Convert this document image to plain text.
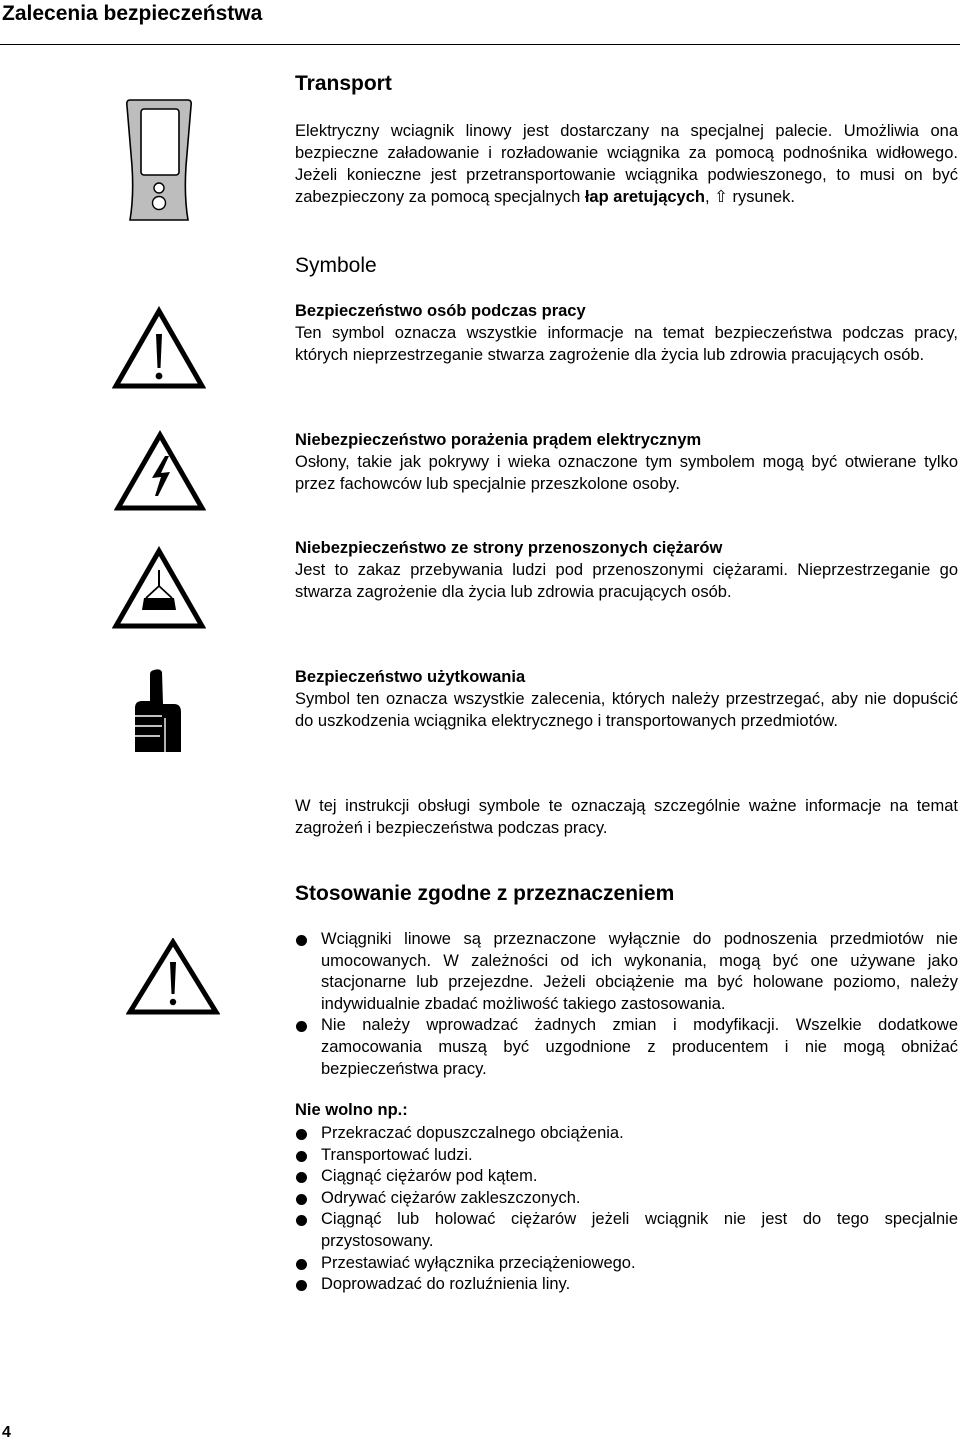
Zalecenia bezpieczeństwa
Transport
Elektryczny wciagnik linowy jest dostarczany na specjalnej palecie. Umożliwia ona bezpieczne załadowanie i rozładowanie wciągnika za pomocą podnośnika widłowego. Jeżeli konieczne jest przetransportowanie wciągnika podwieszonego, to musi on być zabezpieczony za pomocą specjalnych łap aretujących, ⇧ rysunek.
Symbole

Bezpieczeństwo osób podczas pracy

Ten symbol oznacza wszystkie informacje na temat bezpieczeństwa podczas pracy, których nieprzestrzeganie stwarza zagrożenie dla życia lub zdrowia pracujących osób.

Niebezpieczeństwo porażenia prądem elektrycznym

Osłony, takie jak pokrywy i wieka oznaczone tym symbolem mogą być otwierane tylko przez fachowców lub specjalnie przeszkolone osoby.

Niebezpieczeństwo ze strony przenoszonych ciężarów

Jest to zakaz przebywania ludzi pod przenoszonymi ciężarami. Nieprzestrzeganie go stwarza zagrożenie dla życia lub zdrowia pracujących osób.

Bezpieczeństwo użytkowania

Symbol ten oznacza wszystkie zalecenia, których należy przestrzegać, aby nie dopuścić do uszkodzenia wciągnika elektrycznego i transportowanych przedmiotów.

W tej instrukcji obsługi symbole te oznaczają szczególnie ważne informacje na temat zagrożeń i bezpieczeństwa podczas pracy.
Stosowanie zgodne z przeznaczeniem
Wciągniki linowe są przeznaczone wyłącznie do podnoszenia przedmiotów nie umocowanych. W zależności od ich wykonania, mogą być one używane jako stacjonarne lub przejezdne. Jeżeli obciążenie ma być holowane poziomo, należy indywidualnie zbadać możliwość takiego zastosowania.
Nie należy wprowadzać żadnych zmian i modyfikacji. Wszelkie dodatkowe zamocowania muszą być uzgodnione z producentem i nie mogą obniżać bezpieczeństwa pracy.
Nie wolno np.:
Przekraczać dopuszczalnego obciążenia.
Transportować ludzi.
Ciągnąć ciężarów pod kątem.
Odrywać ciężarów zakleszczonych.
Ciągnąć lub holować ciężarów jeżeli wciągnik nie jest do tego specjalnie przystosowany.
Przestawiać wyłącznika przeciążeniowego.
Doprowadzać do rozluźnienia liny.
4
